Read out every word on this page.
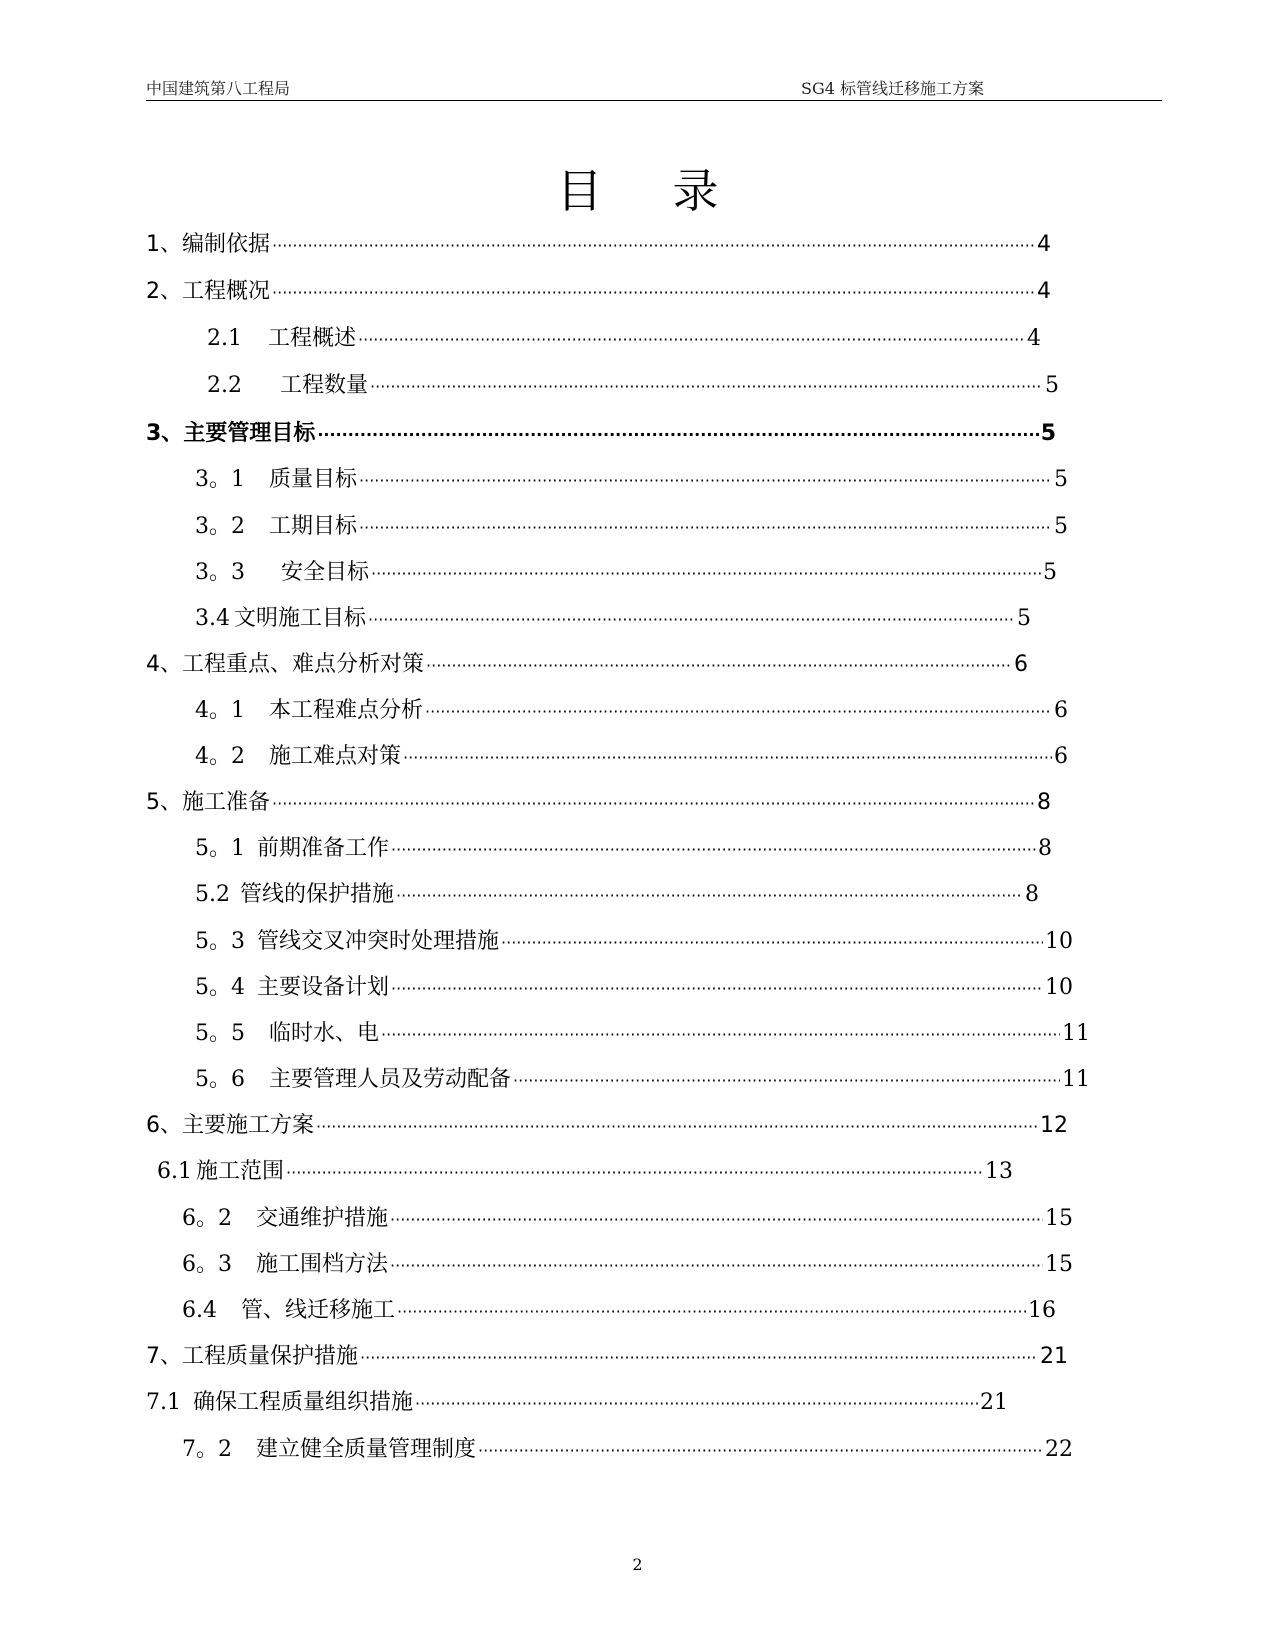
中国建筑第八工程局	SG4 标管线迁移施工方案
目录
1、 编制依据 ·····	4
2、 工程概况 ·····	4
2.1 工程概述 ·····	4
2.2 工程数量 ·····	5
3、 主要管理目标 ·····	5
3。1 质量目标 ·····	5
3。2 工期目标 ·····	5
3。3 安全目标 ·····	5
3.4 文明施工目标 ·····	5
4、 工程重点、难点分析对策 ·····	6
4。1 本工程难点分析 ·····	6
4。2 施工难点对策 ·····	6
5、 施工准备 ·····	8
5。1 前期准备工作 ·····	8
5.2 管线的保护措施 ·····	8
5。3 管线交叉冲突时处理措施 ·····	10
5。4 主要设备计划 ·····	10
5。5 临时水、电 ·····	11
5。6 主要管理人员及劳动配备 ·····	11
6、 主要施工方案 ·····	12
6.1 施工范围 ·····	13
6。2 交通维护措施 ·····	15
6。3 施工围档方法 ·····	15
6.4 管、线迁移施工 ·····	16
7、 工程质量保护措施 ·····	21
7.1 确保工程质量组织措施 ·····	21
7。2 建立健全质量管理制度 ·····	22
2
